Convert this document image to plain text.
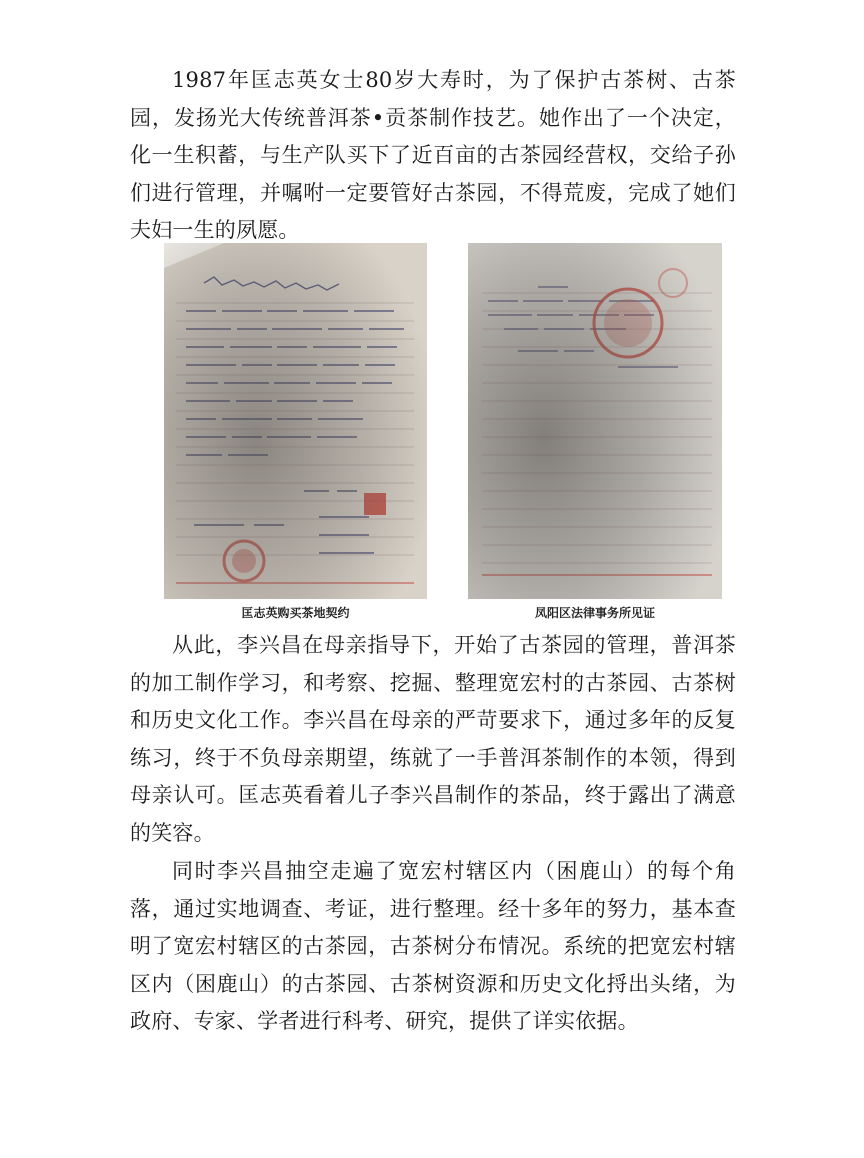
1987年匡志英女士80岁大寿时，为了保护古茶树、古茶园，发扬光大传统普洱茶•贡茶制作技艺。她作出了一个决定，化一生积蓄，与生产队买下了近百亩的古茶园经营权，交给子孙们进行管理，并嘱咐一定要管好古茶园，不得荒废，完成了她们夫妇一生的夙愿。

匡志英购买茶地契约	凤阳区法律事务所见证

从此，李兴昌在母亲指导下，开始了古茶园的管理，普洱茶的加工制作学习，和考察、挖掘、整理宽宏村的古茶园、古茶树和历史文化工作。李兴昌在母亲的严苛要求下，通过多年的反复练习，终于不负母亲期望，练就了一手普洱茶制作的本领，得到母亲认可。匡志英看着儿子李兴昌制作的茶品，终于露出了满意的笑容。

同时李兴昌抽空走遍了宽宏村辖区内（困鹿山）的每个角落，通过实地调查、考证，进行整理。经十多年的努力，基本查明了宽宏村辖区的古茶园，古茶树分布情况。系统的把宽宏村辖区内（困鹿山）的古茶园、古茶树资源和历史文化捋出头绪，为政府、专家、学者进行科考、研究，提供了详实依据。
